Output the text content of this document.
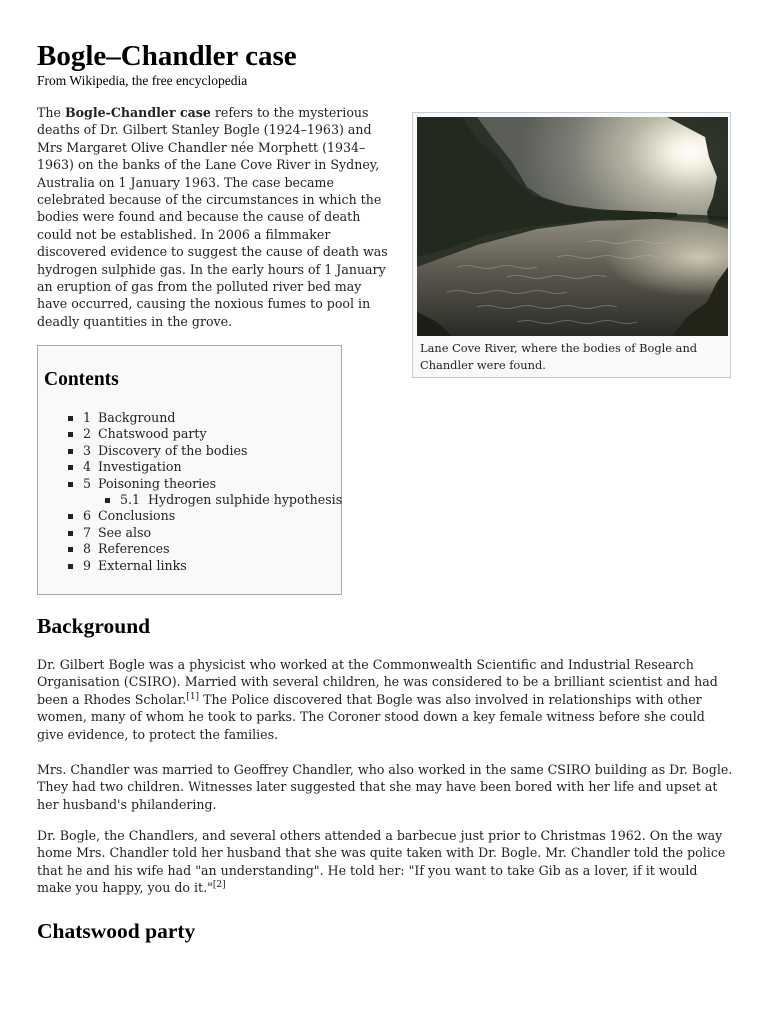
Bogle–Chandler case

From Wikipedia, the free encyclopedia

The Bogle-Chandler case refers to the mysterious deaths of Dr. Gilbert Stanley Bogle (1924–1963) and Mrs Margaret Olive Chandler née Morphett (1934–1963) on the banks of the Lane Cove River in Sydney, Australia on 1 January 1963. The case became celebrated because of the circumstances in which the bodies were found and because the cause of death could not be established. In 2006 a filmmaker discovered evidence to suggest the cause of death was hydrogen sulphide gas. In the early hours of 1 January an eruption of gas from the polluted river bed may have occurred, causing the noxious fumes to pool in deadly quantities in the grove.

Lane Cove River, where the bodies of Bogle and Chandler were found.

Contents
1 Background
2 Chatswood party
3 Discovery of the bodies
4 Investigation
5 Poisoning theories
5.1 Hydrogen sulphide hypothesis
6 Conclusions
7 See also
8 References
9 External links
Background

Dr. Gilbert Bogle was a physicist who worked at the Commonwealth Scientific and Industrial Research Organisation (CSIRO). Married with several children, he was considered to be a brilliant scientist and had been a Rhodes Scholar.[1] The Police discovered that Bogle was also involved in relationships with other women, many of whom he took to parks. The Coroner stood down a key female witness before she could give evidence, to protect the families.

Mrs. Chandler was married to Geoffrey Chandler, who also worked in the same CSIRO building as Dr. Bogle. They had two children. Witnesses later suggested that she may have been bored with her life and upset at her husband's philandering.

Dr. Bogle, the Chandlers, and several others attended a barbecue just prior to Christmas 1962. On the way home Mrs. Chandler told her husband that she was quite taken with Dr. Bogle. Mr. Chandler told the police that he and his wife had "an understanding". He told her: "If you want to take Gib as a lover, if it would make you happy, you do it."[2]

Chatswood party
